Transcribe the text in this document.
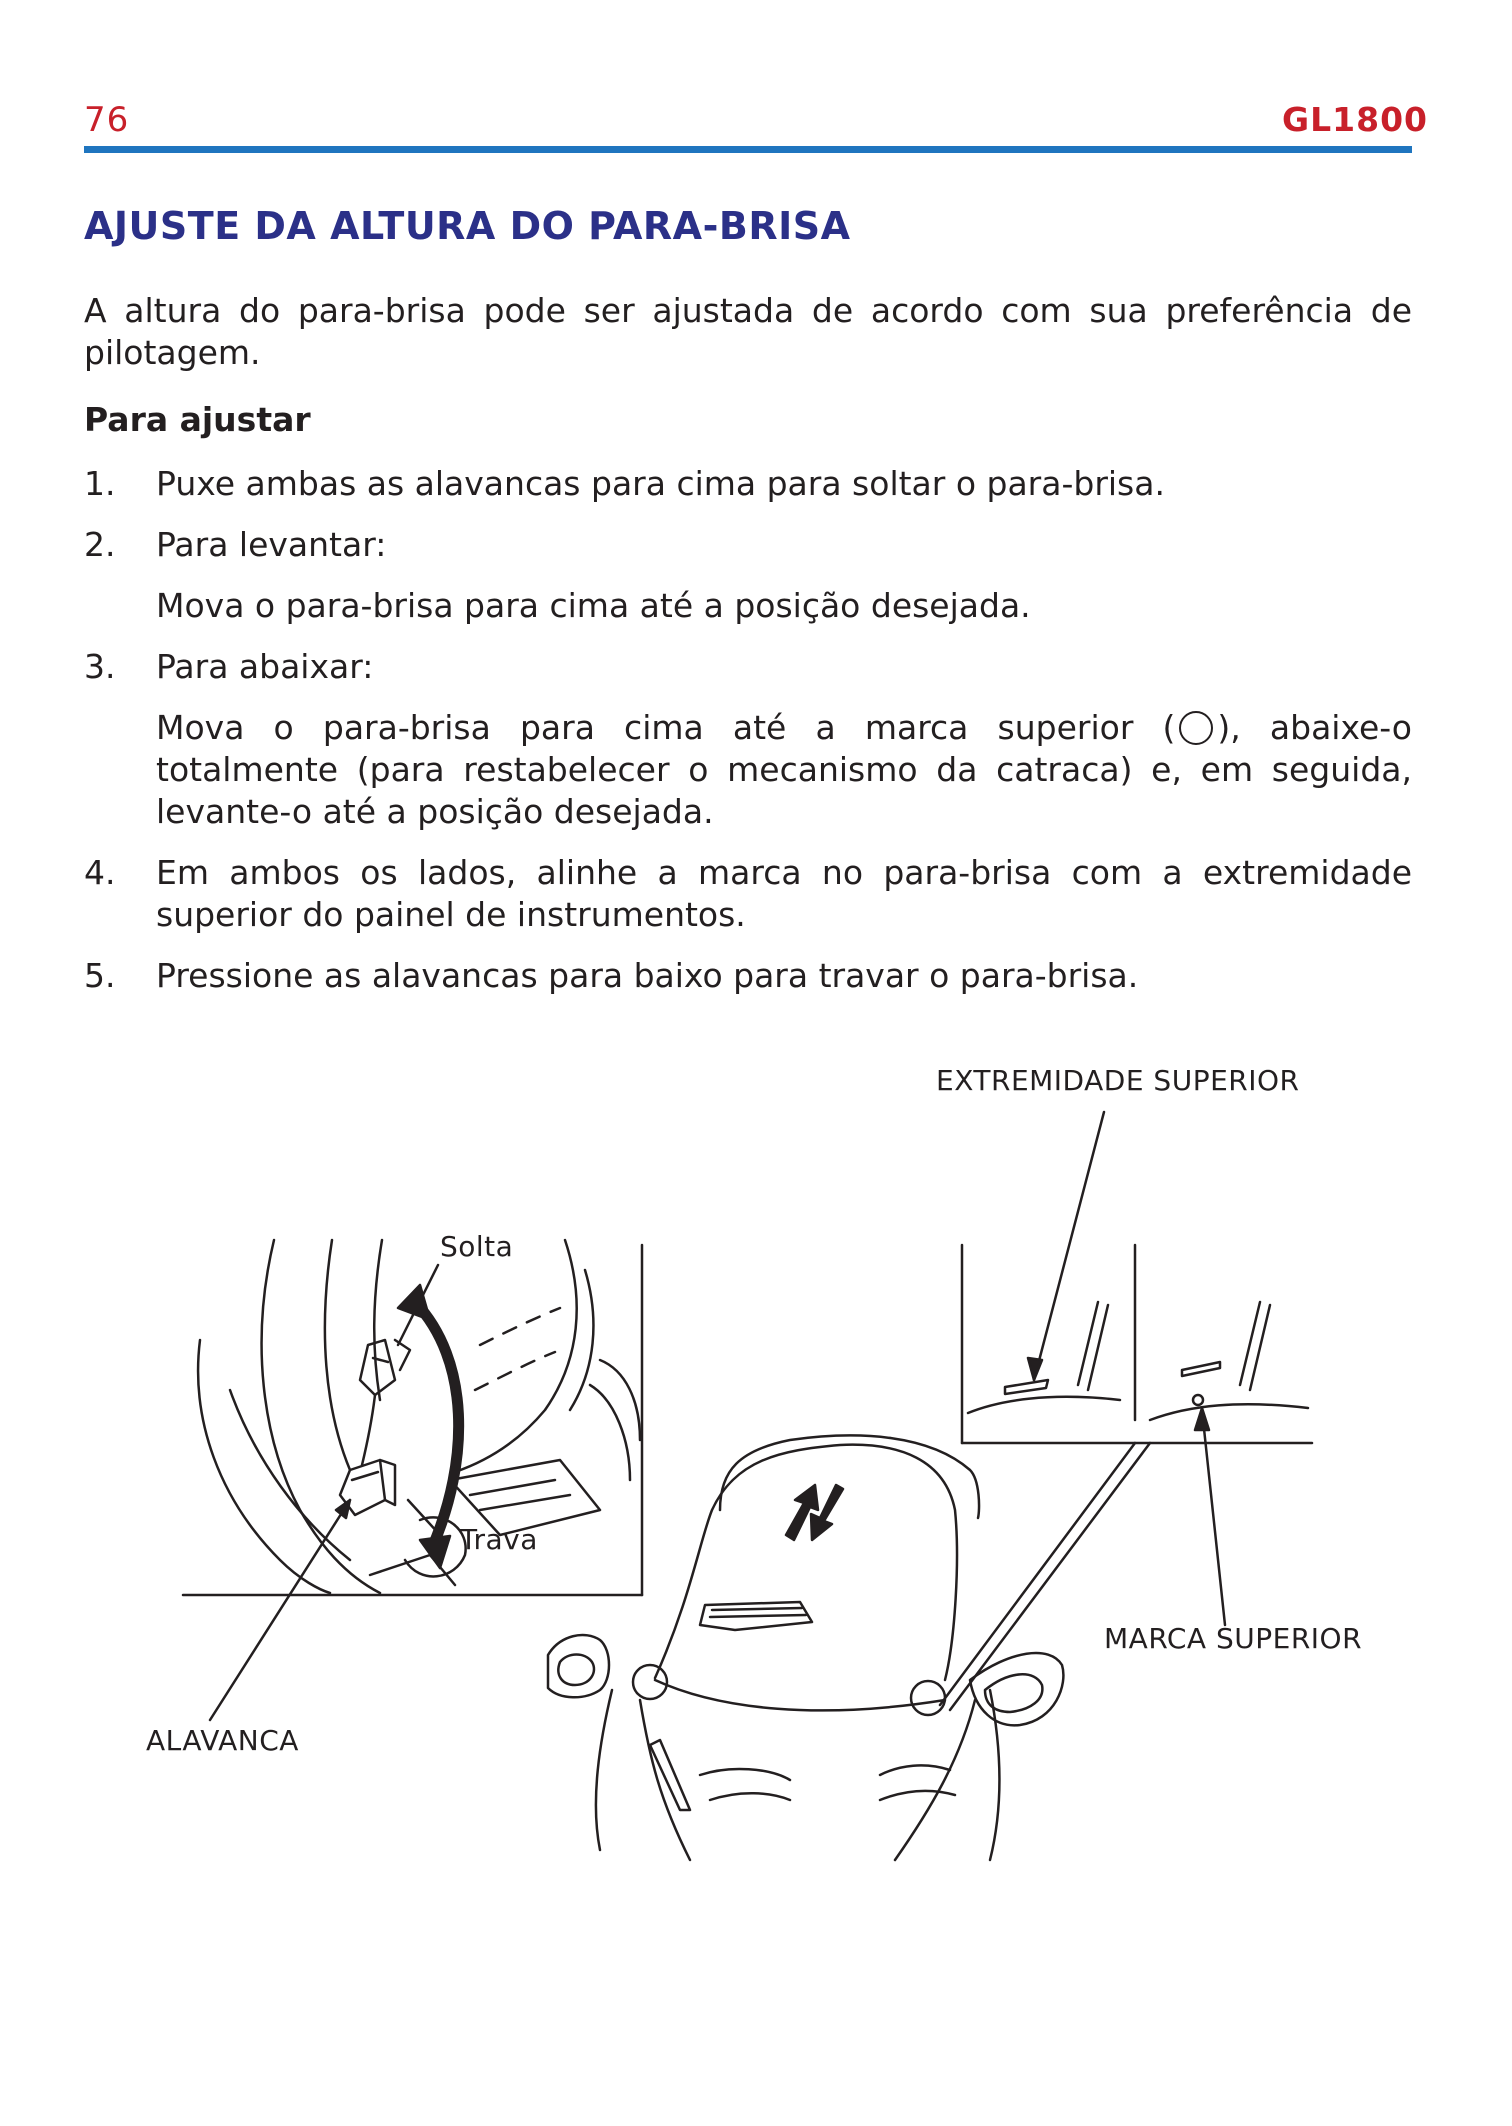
76	GL1800
AJUSTE DA ALTURA DO PARA-BRISA

A altura do para-brisa pode ser ajustada de acordo com sua preferência de pilotagem.

Para ajustar
1. Puxe ambas as alavancas para cima para soltar o para-brisa.
2. Para levantar:
Mova o para-brisa para cima até a posição desejada.
3. Para abaixar:
Mova o para-brisa para cima até a marca superior ( ○ ), abaixe-o totalmente (para restabelecer o mecanismo da catraca) e, em seguida, levante-o até a posição desejada.
4. Em ambos os lados, alinhe a marca no para-brisa com a extremidade superior do painel de instrumentos.
5. Pressione as alavancas para baixo para travar o para-brisa.
EXTREMIDADE SUPERIOR
Solta
Trava
MARCA SUPERIOR
ALAVANCA
